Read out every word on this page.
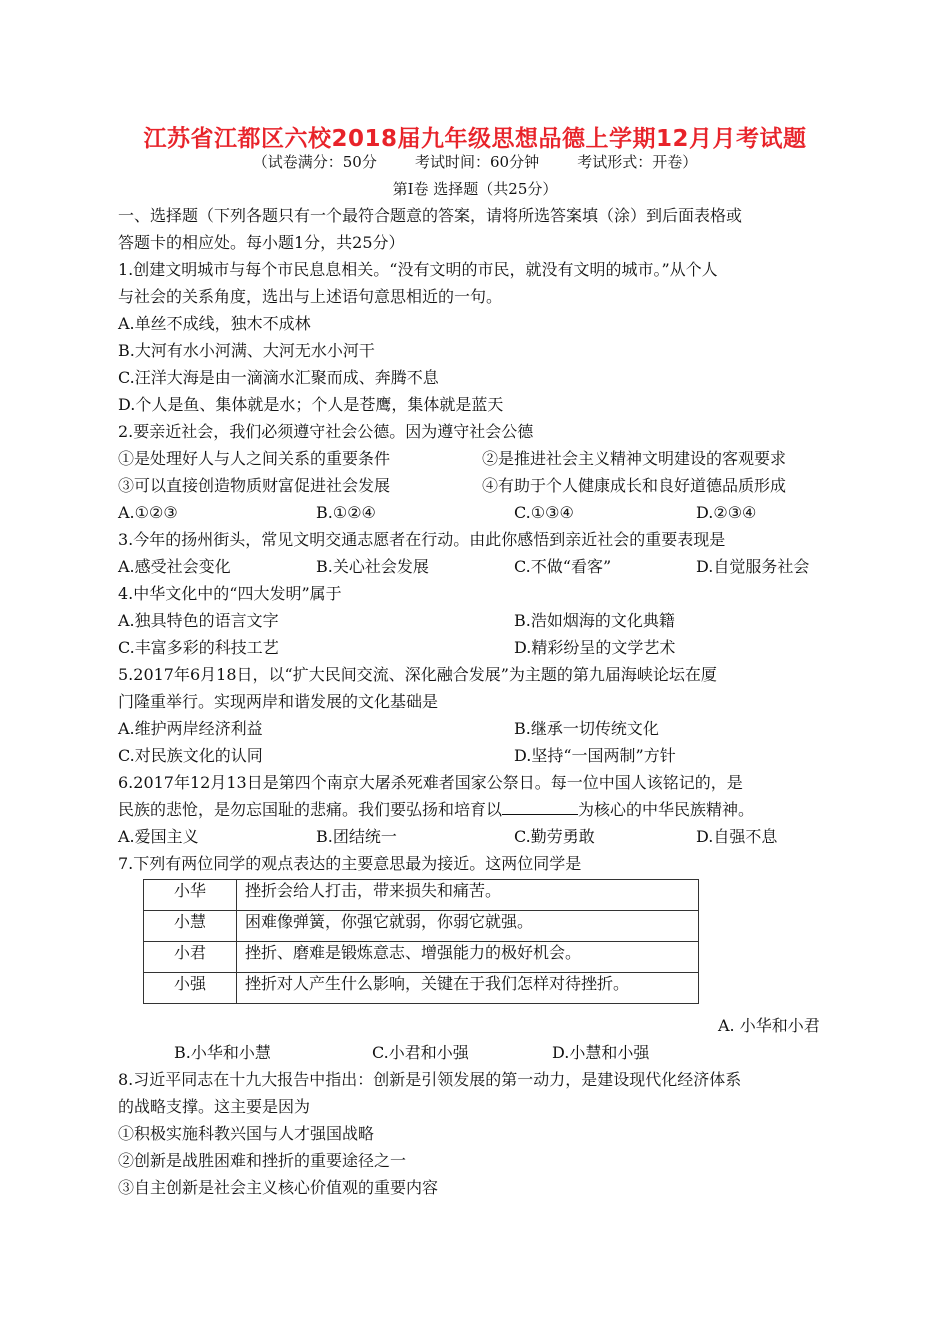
江苏省江都区六校2018届九年级思想品德上学期12月月考试题
（试卷满分：50分        考试时间：60分钟        考试形式：开卷）
第Ⅰ卷 选择题（共25分）
一、选择题（下列各题只有一个最符合题意的答案，请将所选答案填（涂）到后面表格或
答题卡的相应处。每小题1分，共25分）
1.创建文明城市与每个市民息息相关。“没有文明的市民，就没有文明的城市。”从个人
与社会的关系角度，选出与上述语句意思相近的一句。
A.单丝不成线，独木不成林
B.大河有水小河满、大河无水小河干
C.汪洋大海是由一滴滴水汇聚而成、奔腾不息
D.个人是鱼、集体就是水；个人是苍鹰，集体就是蓝天
2.要亲近社会，我们必须遵守社会公德。因为遵守社会公德
①是处理好人与人之间关系的重要条件	②是推进社会主义精神文明建设的客观要求
③可以直接创造物质财富促进社会发展	④有助于个人健康成长和良好道德品质形成
A.①②③	B.①②④	C.①③④	D.②③④
3.今年的扬州街头，常见文明交通志愿者在行动。由此你感悟到亲近社会的重要表现是
A.感受社会变化	B.关心社会发展	C.不做“看客”	D.自觉服务社会
4.中华文化中的“四大发明”属于
A.独具特色的语言文字	B.浩如烟海的文化典籍
C.丰富多彩的科技工艺	D.精彩纷呈的文学艺术
5.2017年6月18日，以“扩大民间交流、深化融合发展”为主题的第九届海峡论坛在厦
门隆重举行。实现两岸和谐发展的文化基础是
A.维护两岸经济利益	B.继承一切传统文化
C.对民族文化的认同	D.坚持“一国两制”方针
6.2017年12月13日是第四个南京大屠杀死难者国家公祭日。每一位中国人该铭记的，是
民族的悲怆，是勿忘国耻的悲痛。我们要弘扬和培育以	为核心的中华民族精神。
A.爱国主义	B.团结统一	C.勤劳勇敢	D.自强不息
7.下列有两位同学的观点表达的主要意思最为接近。这两位同学是
小华	挫折会给人打击，带来损失和痛苦。
小慧	困难像弹簧，你强它就弱，你弱它就强。
小君	挫折、磨难是锻炼意志、增强能力的极好机会。
小强	挫折对人产生什么影响，关键在于我们怎样对待挫折。
A. 小华和小君
B.小华和小慧	C.小君和小强	D.小慧和小强
8.习近平同志在十九大报告中指出：创新是引领发展的第一动力，是建设现代化经济体系
的战略支撑。这主要是因为
①积极实施科教兴国与人才强国战略
②创新是战胜困难和挫折的重要途径之一
③自主创新是社会主义核心价值观的重要内容
